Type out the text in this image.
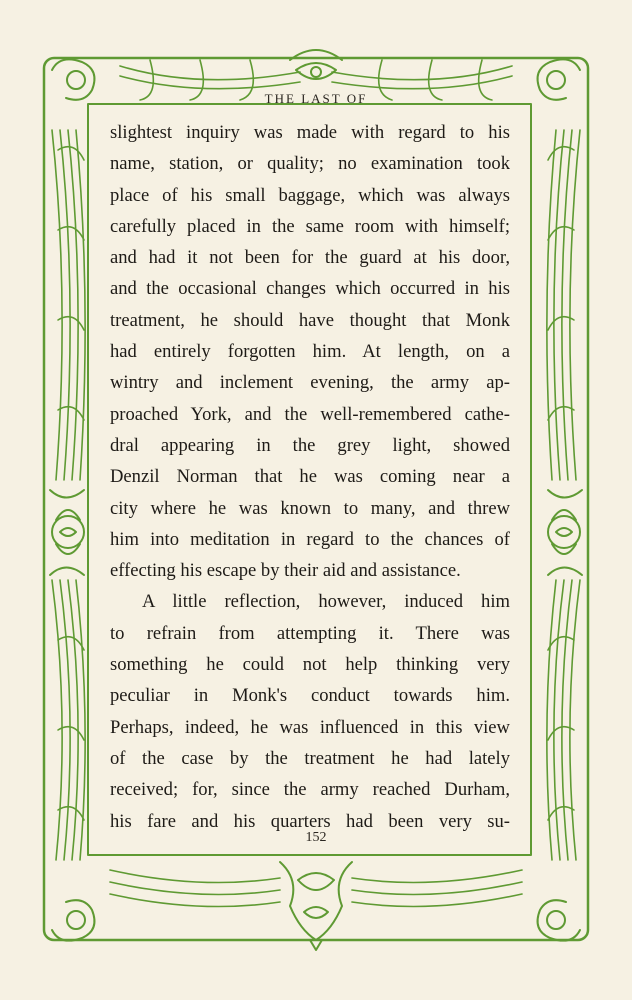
THE LAST OF
slightest inquiry was made with regard to his
name, station, or quality; no examination took
place of his small baggage, which was always
carefully placed in the same room with himself;
and had it not been for the guard at his door,
and the occasional changes which occurred in his
treatment, he should have thought that Monk
had entirely forgotten him. At length, on a
wintry and inclement evening, the army ap-
proached York, and the well-remembered cathe-
dral appearing in the grey light, showed
Denzil Norman that he was coming near a
city where he was known to many, and threw
him into meditation in regard to the chances of
effecting his escape by their aid and assistance.
A little reflection, however, induced him
to refrain from attempting it. There was
something he could not help thinking very
peculiar in Monk's conduct towards him.
Perhaps, indeed, he was influenced in this view
of the case by the treatment he had lately
received; for, since the army reached Durham,
his fare and his quarters had been very su-
152
